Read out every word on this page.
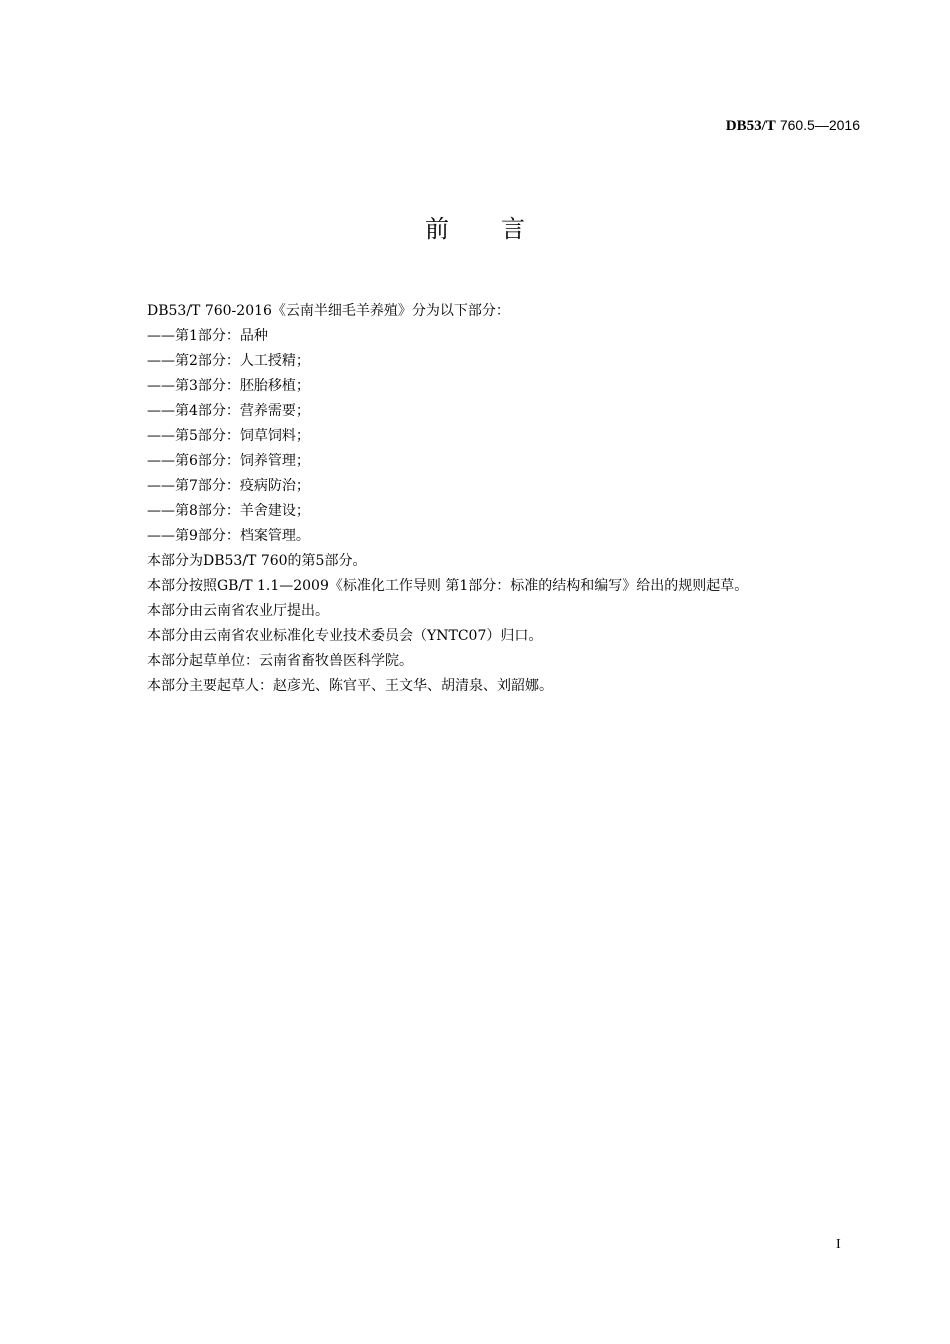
DB53/T 760.5—2016
前言
DB53/T 760-2016《云南半细毛羊养殖》分为以下部分：
——第1部分：品种
——第2部分：人工授精；
——第3部分：胚胎移植；
——第4部分：营养需要；
——第5部分：饲草饲料；
——第6部分：饲养管理；
——第7部分：疫病防治；
——第8部分：羊舍建设；
——第9部分：档案管理。
本部分为DB53/T 760的第5部分。
本部分按照GB/T 1.1—2009《标准化工作导则 第1部分：标准的结构和编写》给出的规则起草。
本部分由云南省农业厅提出。
本部分由云南省农业标准化专业技术委员会（YNTC07）归口。
本部分起草单位：云南省畜牧兽医科学院。
本部分主要起草人：赵彦光、陈官平、王文华、胡清泉、刘韶娜。
I
